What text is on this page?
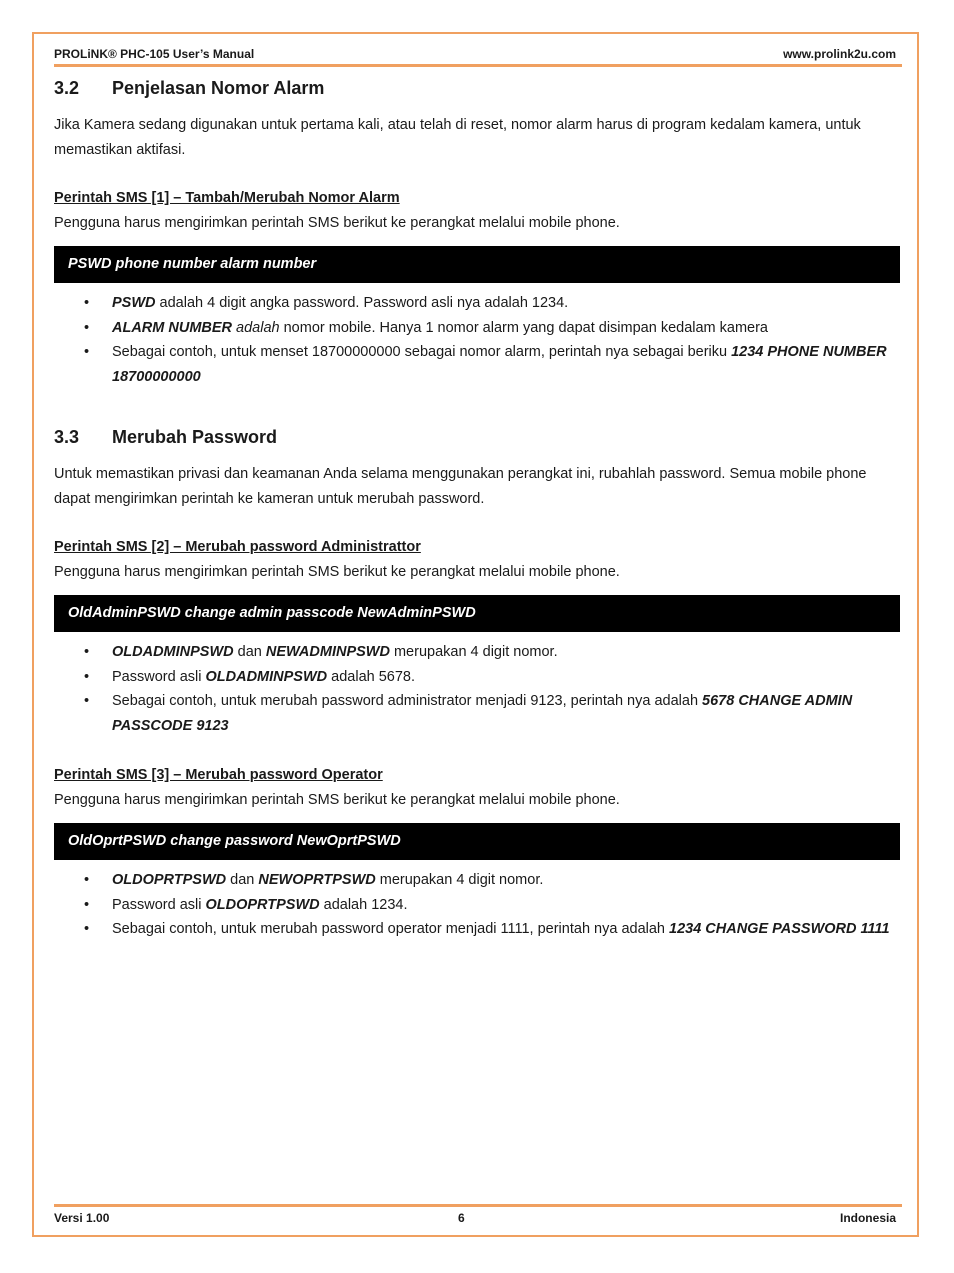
PROLiNK® PHC-105 User’s Manual	www.prolink2u.com
3.2	Penjelasan Nomor Alarm

Jika Kamera sedang digunakan untuk pertama kali, atau telah di reset, nomor alarm harus di program kedalam kamera, untuk memastikan aktifasi.

Perintah SMS [1] – Tambah/Merubah Nomor Alarm

Pengguna harus mengirimkan perintah SMS berikut ke perangkat melalui mobile phone.

PSWD phone number alarm number
• PSWD adalah 4 digit angka password. Password asli nya adalah 1234.
• ALARM NUMBER adalah nomor mobile. Hanya 1 nomor alarm yang dapat disimpan kedalam kamera
• Sebagai contoh, untuk menset 18700000000 sebagai nomor alarm, perintah nya sebagai beriku 1234 PHONE NUMBER 18700000000
3.3	Merubah Password

Untuk memastikan privasi dan keamanan Anda selama menggunakan perangkat ini, rubahlah password. Semua mobile phone dapat mengirimkan perintah ke kameran untuk merubah password.

Perintah SMS [2] – Merubah password Administrattor

Pengguna harus mengirimkan perintah SMS berikut ke perangkat melalui mobile phone.

OldAdminPSWD change admin passcode NewAdminPSWD
• OLDADMINPSWD dan NEWADMINPSWD merupakan 4 digit nomor.
• Password asli OLDADMINPSWD adalah 5678.
• Sebagai contoh, untuk merubah password administrator menjadi 9123, perintah nya adalah 5678 CHANGE ADMIN PASSCODE 9123
Perintah SMS [3] – Merubah password Operator

Pengguna harus mengirimkan perintah SMS berikut ke perangkat melalui mobile phone.

OldOprtPSWD change password NewOprtPSWD
• OLDOPRTPSWD dan NEWOPRTPSWD merupakan 4 digit nomor.
• Password asli OLDOPRTPSWD adalah 1234.
• Sebagai contoh, untuk merubah password operator menjadi 1111, perintah nya adalah 1234 CHANGE PASSWORD 1111
Versi 1.00	6	Indonesia
